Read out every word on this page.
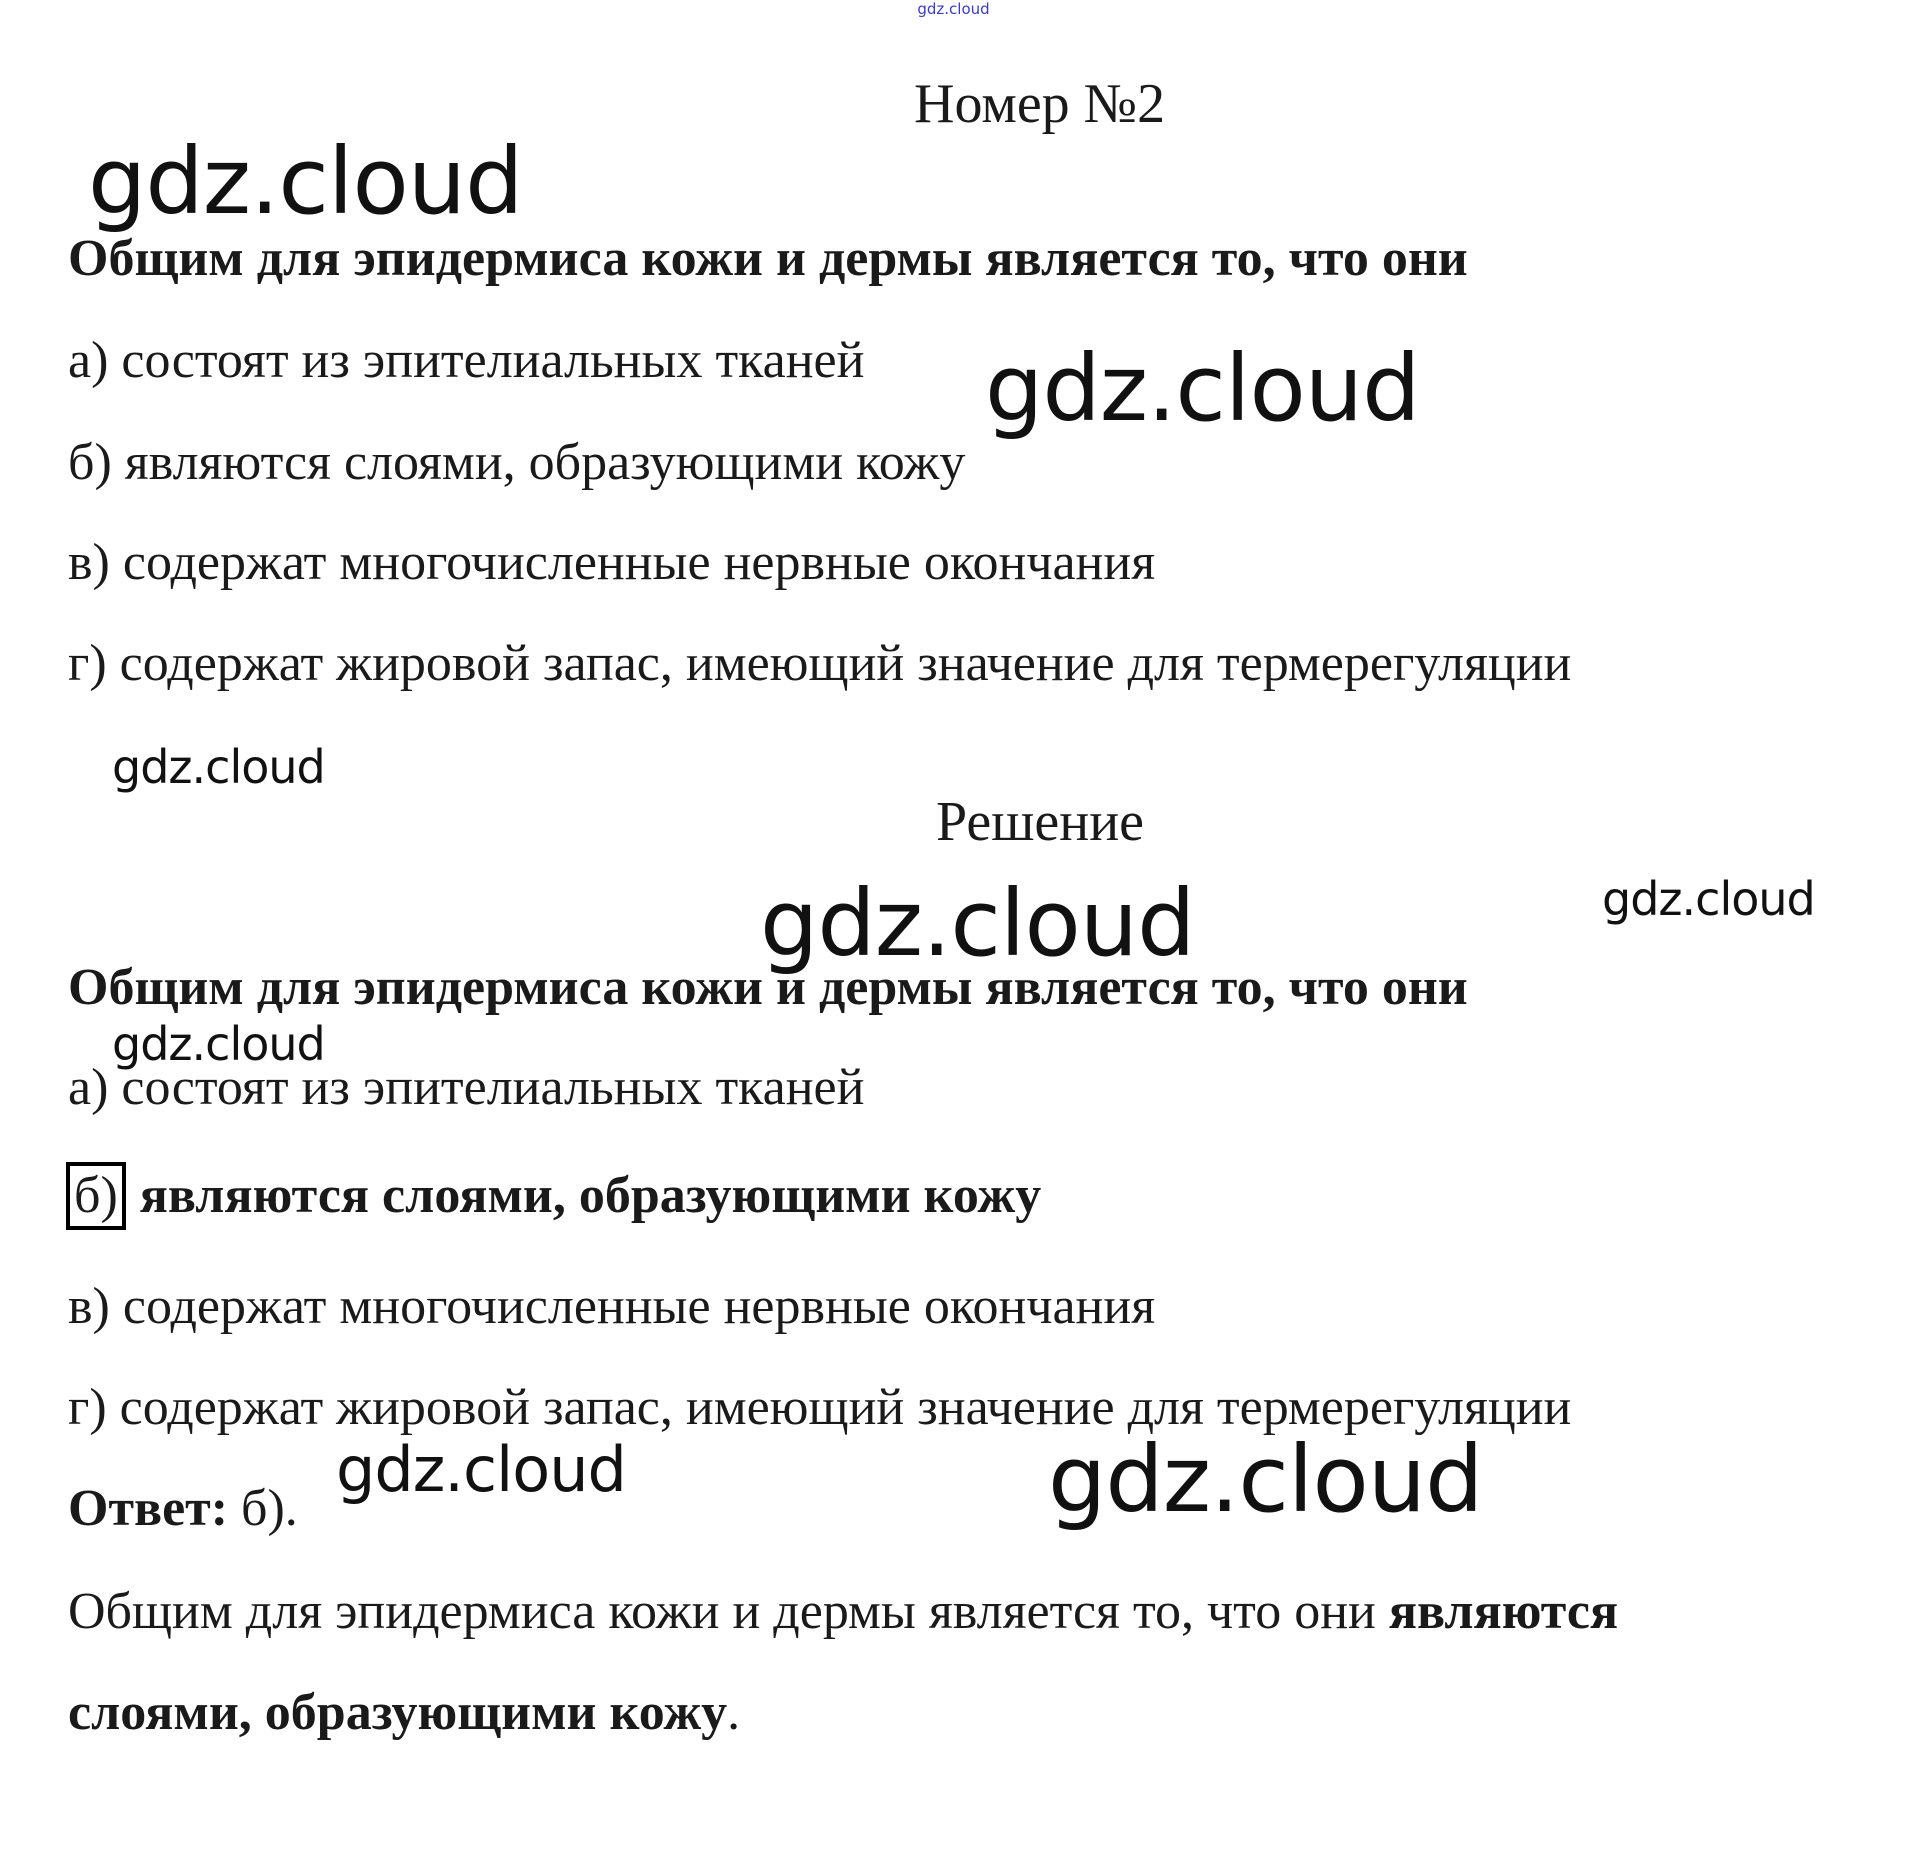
gdz.cloud
Номер №2
gdz.cloud
gdz.cloud
gdz.cloud
gdz.cloud	gdz.cloud
gdz.cloud
gdz.cloud	gdz.cloud
Общим для эпидермиса кожи и дермы является то, что они
а) состоят из эпителиальных тканей
б) являются слоями, образующими кожу
в) содержат многочисленные нервные окончания
г) содержат жировой запас, имеющий значение для термерегуляции
Решение
Общим для эпидермиса кожи и дермы является то, что они
а) состоят из эпителиальных тканей
б) являются слоями, образующими кожу
в) содержат многочисленные нервные окончания
г) содержат жировой запас, имеющий значение для термерегуляции
Ответ: б).
Общим для эпидермиса кожи и дермы является то, что они являются
слоями, образующими кожу.
